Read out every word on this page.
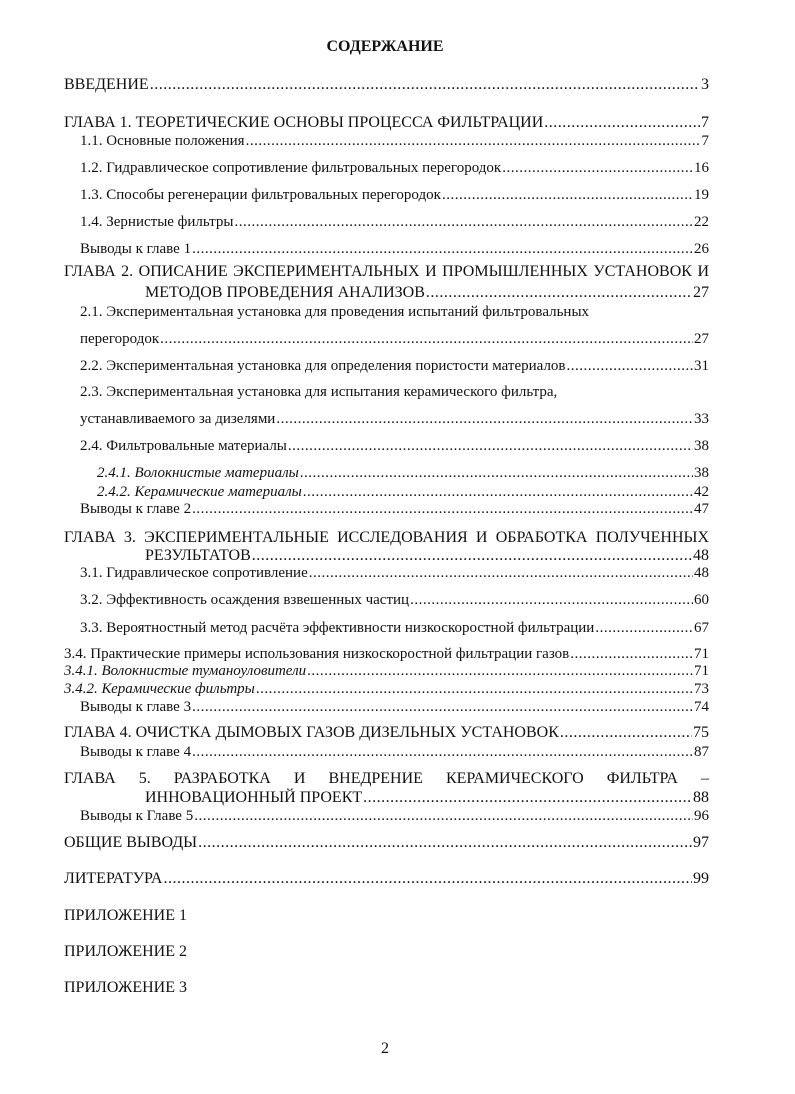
СОДЕРЖАНИЕ
ВВЕДЕНИЕ .....	3
ГЛАВА 1. ТЕОРЕТИЧЕСКИЕ ОСНОВЫ ПРОЦЕССА ФИЛЬТРАЦИИ .....	7
1.1. Основные положения .....	7
1.2. Гидравлическое сопротивление фильтровальных перегородок .....	16
1.3. Способы регенерации фильтровальных перегородок .....	19
1.4. Зернистые фильтры .....	22
Выводы к главе 1 .....	26
ГЛАВА 2. ОПИСАНИЕ ЭКСПЕРИМЕНТАЛЬНЫХ И ПРОМЫШЛЕННЫХ УСТАНОВОК И
МЕТОДОВ ПРОВЕДЕНИЯ АНАЛИЗОВ .....	27
2.1. Экспериментальная установка для проведения испытаний фильтровальных
перегородок .....	27
2.2. Экспериментальная установка для определения пористости материалов .....	31
2.3. Экспериментальная установка для испытания керамического фильтра,
устанавливаемого за дизелями .....	33
2.4. Фильтровальные материалы .....	38
2.4.1. Волокнистые материалы .....	38
2.4.2. Керамические материалы .....	42
Выводы к главе 2 .....	47
ГЛАВА 3. ЭКСПЕРИМЕНТАЛЬНЫЕ ИССЛЕДОВАНИЯ И ОБРАБОТКА ПОЛУЧЕННЫХ
РЕЗУЛЬТАТОВ .....	48
3.1. Гидравлическое сопротивление .....	48
3.2. Эффективность осаждения взвешенных частиц .....	60
3.3. Вероятностный метод расчёта эффективности низкоскоростной фильтрации .....	67
3.4. Практические примеры использования низкоскоростной фильтрации газов .....	71
3.4.1. Волокнистые туманоуловители .....	71
3.4.2. Керамические фильтры .....	73
Выводы к главе 3 .....	74
ГЛАВА 4. ОЧИСТКА ДЫМОВЫХ ГАЗОВ ДИЗЕЛЬНЫХ УСТАНОВОК .....	75
Выводы к главе 4 .....	87
ГЛАВА 5. РАЗРАБОТКА И ВНЕДРЕНИЕ КЕРАМИЧЕСКОГО ФИЛЬТРА –
ИННОВАЦИОННЫЙ ПРОЕКТ .....	88
Выводы к Главе 5 .....	96
ОБЩИЕ ВЫВОДЫ .....	97
ЛИТЕРАТУРА .....	99
ПРИЛОЖЕНИЕ 1
ПРИЛОЖЕНИЕ 2
ПРИЛОЖЕНИЕ 3
2
